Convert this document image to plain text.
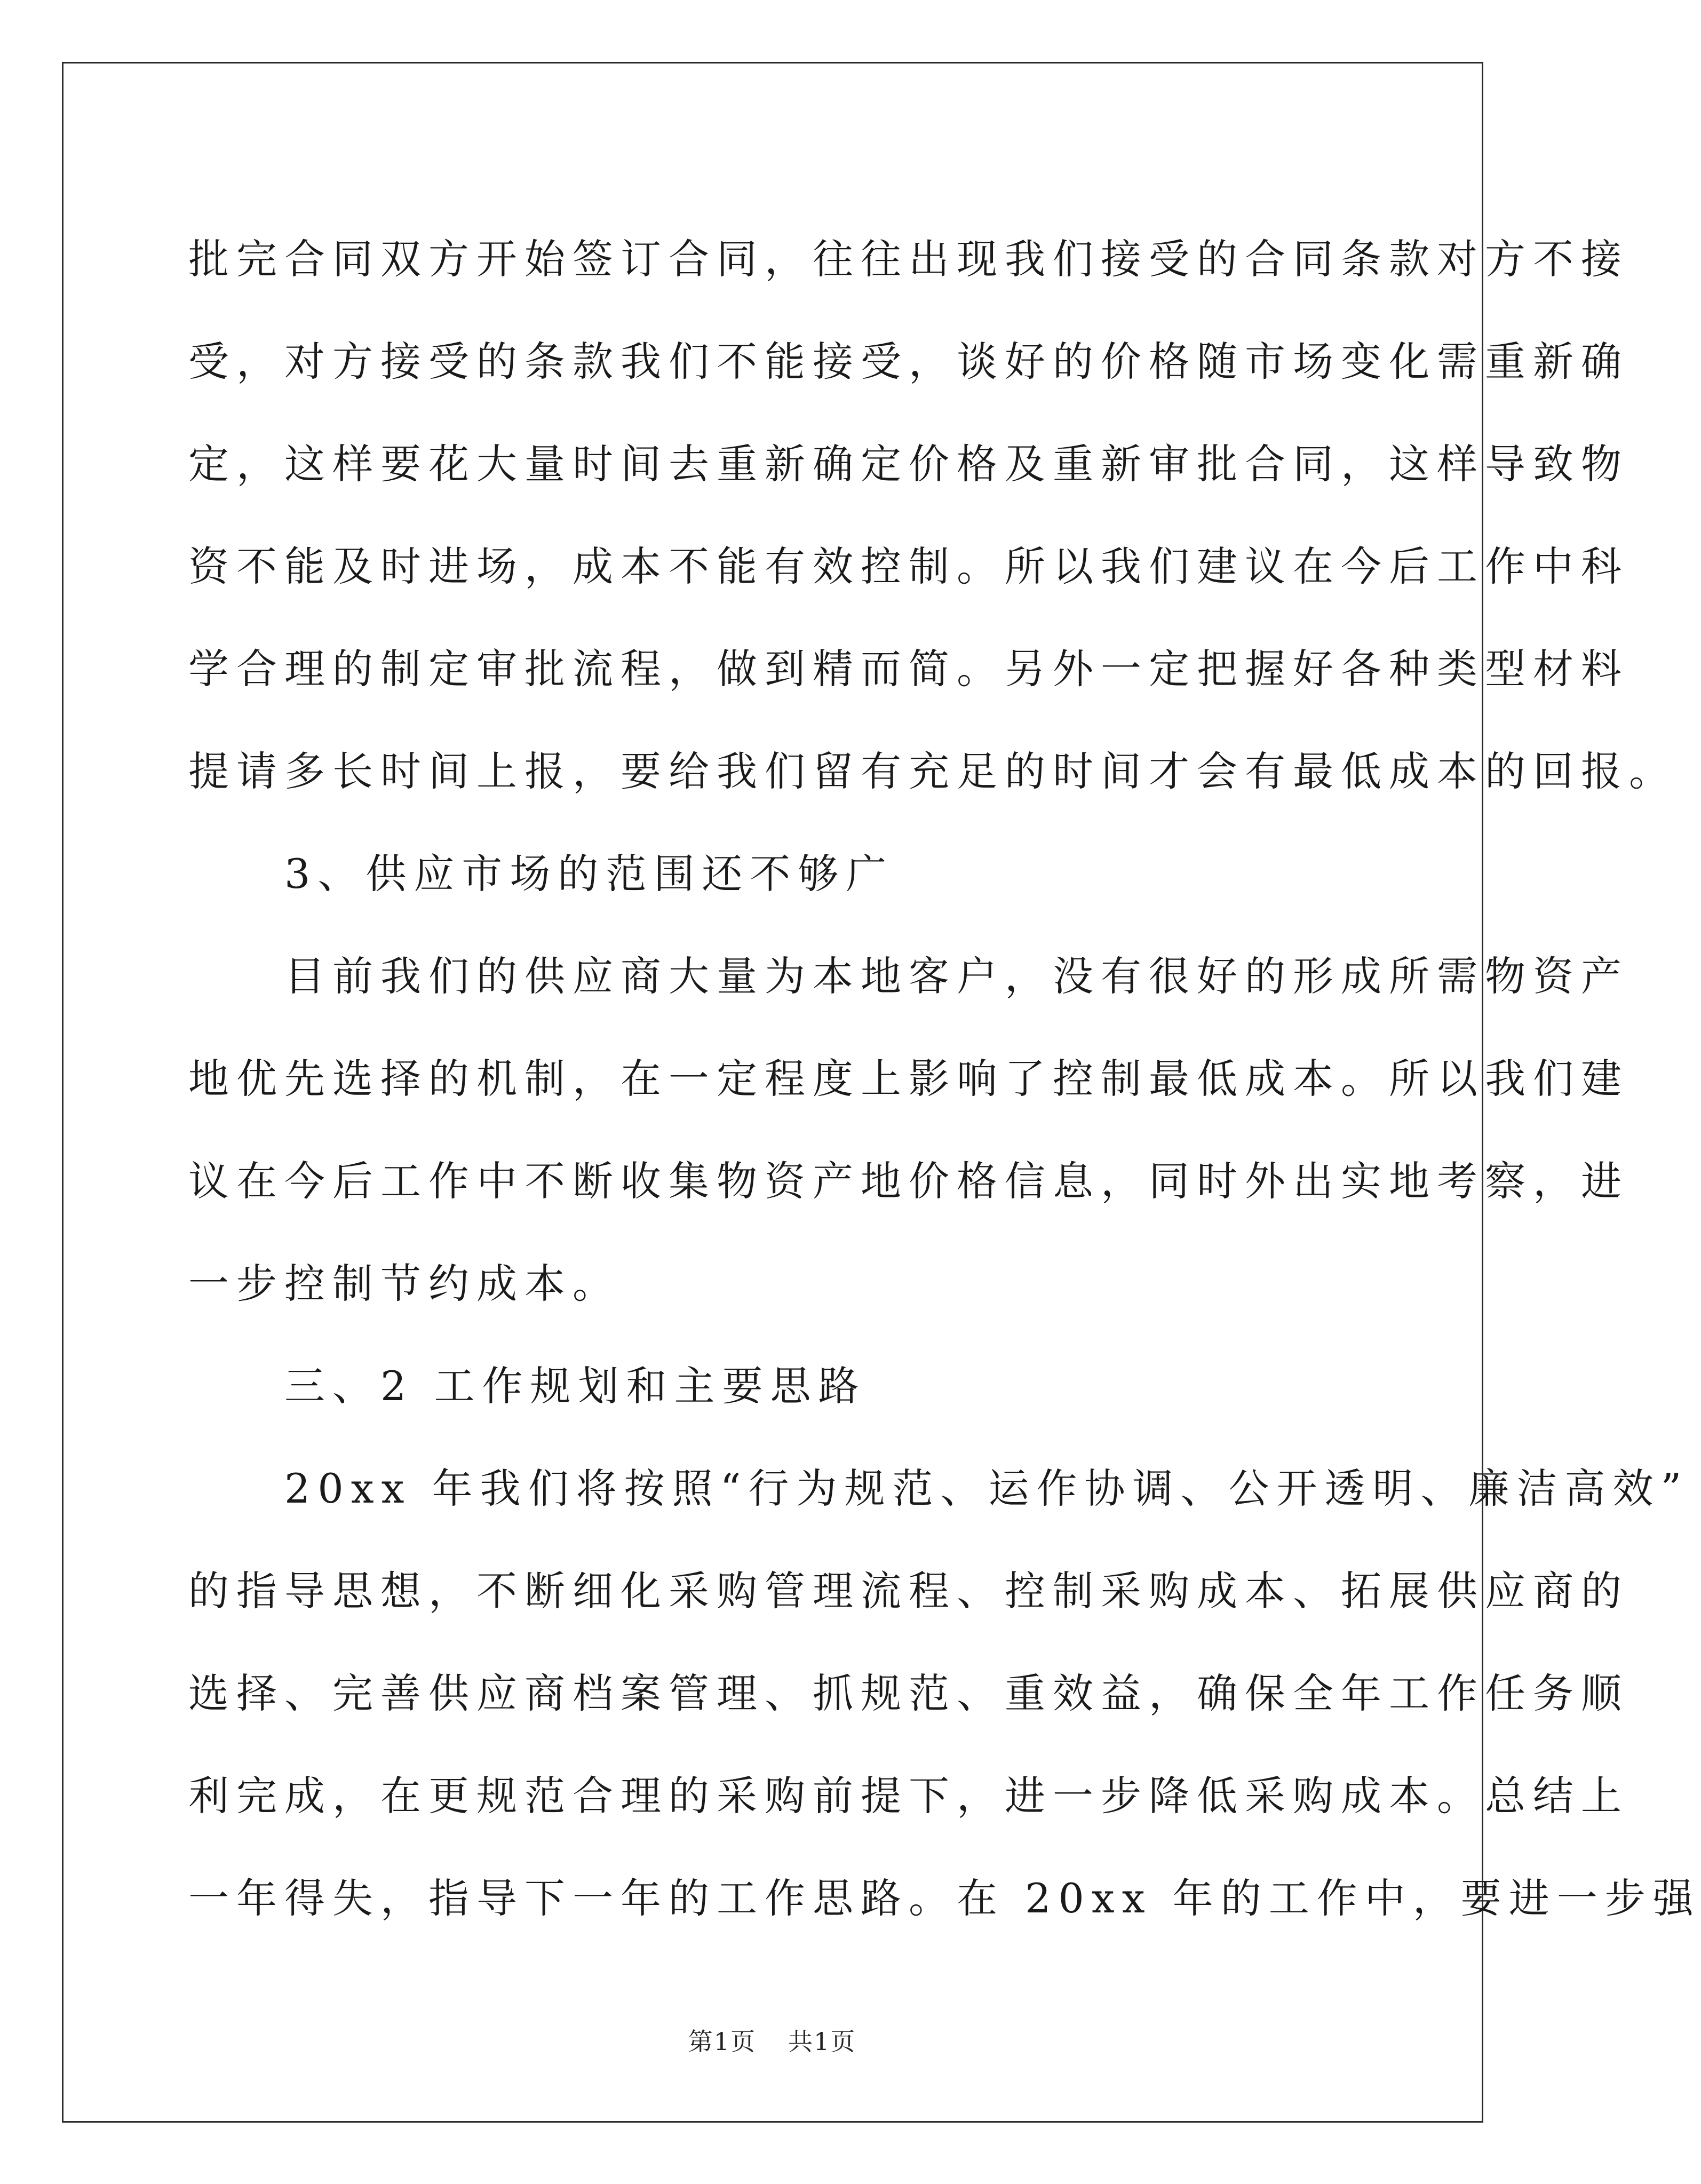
批完合同双方开始签订合同，往往出现我们接受的合同条款对方不接
受，对方接受的条款我们不能接受，谈好的价格随市场变化需重新确
定，这样要花大量时间去重新确定价格及重新审批合同，这样导致物
资不能及时进场，成本不能有效控制。所以我们建议在今后工作中科
学合理的制定审批流程，做到精而简。另外一定把握好各种类型材料
提请多长时间上报，要给我们留有充足的时间才会有最低成本的回报。
　　3、供应市场的范围还不够广
　　目前我们的供应商大量为本地客户，没有很好的形成所需物资产
地优先选择的机制，在一定程度上影响了控制最低成本。所以我们建
议在今后工作中不断收集物资产地价格信息，同时外出实地考察，进
一步控制节约成本。
　　三、2 工作规划和主要思路
　　20xx 年我们将按照“行为规范、运作协调、公开透明、廉洁高效”
的指导思想，不断细化采购管理流程、控制采购成本、拓展供应商的
选择、完善供应商档案管理、抓规范、重效益，确保全年工作任务顺
利完成，在更规范合理的采购前提下，进一步降低采购成本。总结上
一年得失，指导下一年的工作思路。在 20xx 年的工作中，要进一步强
第1页 共1页
